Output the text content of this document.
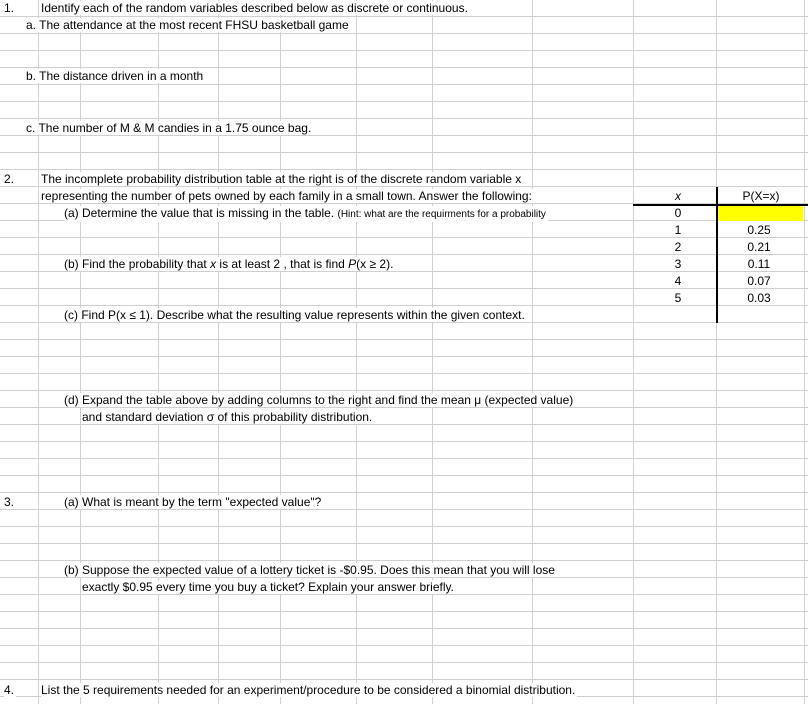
1. Identify each of the random variables described below as discrete or continuous.
a. The attendance at the most recent FHSU basketball game
b. The distance driven in a month
c. The number of M & M candies in a 1.75 ounce bag.
2. The incomplete probability distribution table at the right is of the discrete random variable x
representing the number of pets owned by each family in a small town. Answer the following:
(a) Determine the value that is missing in the table. (Hint: what are the requirments for a probability
(b) Find the probability that x is at least 2 , that is find P(x ≥ 2).
(c) Find P(x ≤ 1). Describe what the resulting value represents within the given context.
(d) Expand the table above by adding columns to the right and find the mean μ (expected value)
and standard deviation σ of this probability distribution.
x	P(X=x)
0
1	0.25
2	0.21
3	0.11
4	0.07
5	0.03
3.	(a) What is meant by the term "expected value"?
(b) Suppose the expected value of a lottery ticket is -$0.95. Does this mean that you will lose
exactly $0.95 every time you buy a ticket? Explain your answer briefly.
4. List the 5 requirements needed for an experiment/procedure to be considered a binomial distribution.
